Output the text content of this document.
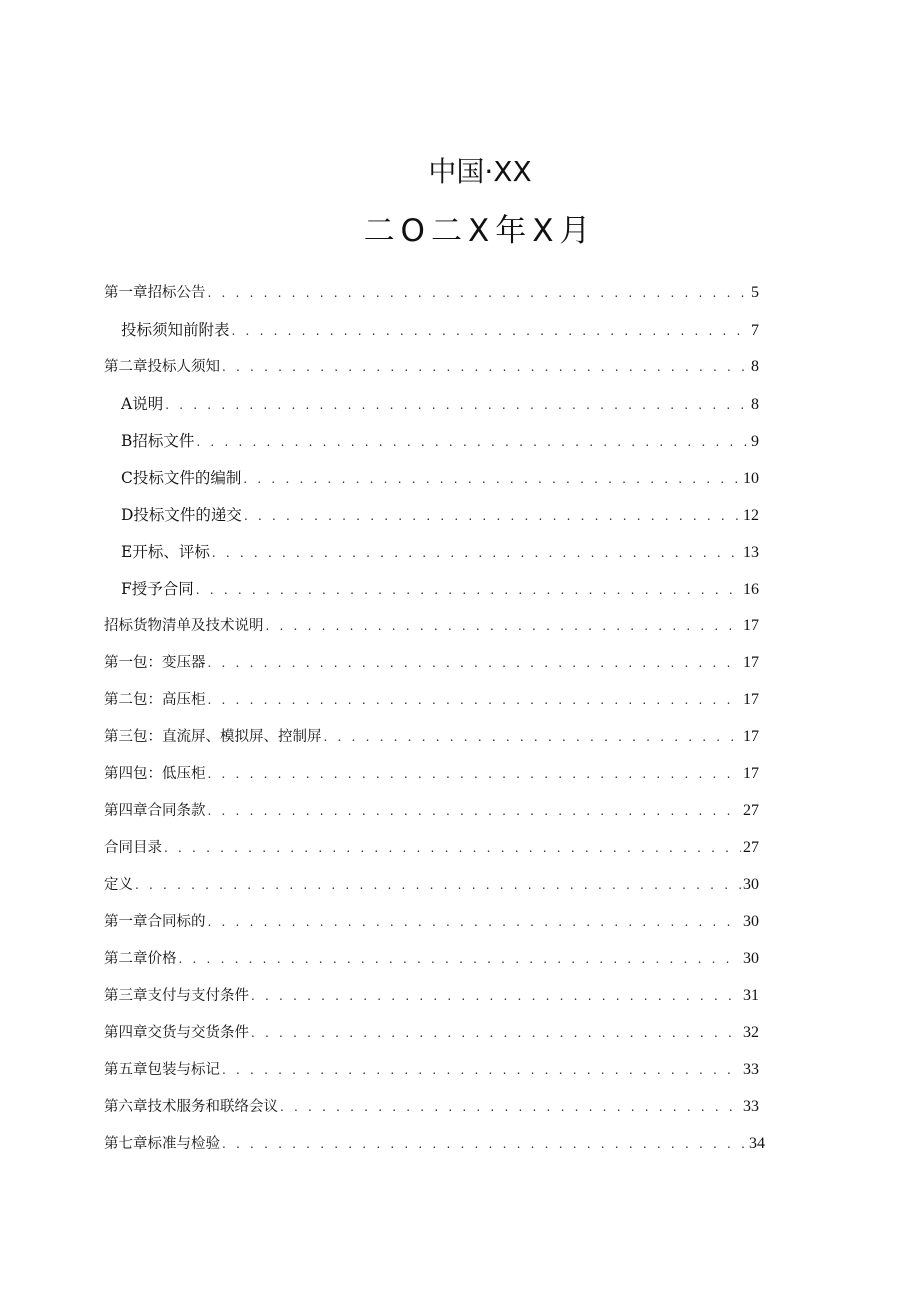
中国·XX
二O二X年X月
第一章招标公告 . . .	5
投标须知前附表 . . .	7
第二章投标人须知 . . .	8
A说明 . . .	8
B招标文件 . . .	9
C投标文件的编制 . . .	10
D投标文件的递交 . . .	12
E开标、评标 . . .	13
F授予合同 . . .	16
招标货物清单及技术说明 . . .	17
第一包：变压器 . . .	17
第二包：高压柜 . . .	17
第三包：直流屏、模拟屏、控制屏 . . .	17
第四包：低压柜 . . .	17
第四章合同条款 . . .	27
合同目录 . . .	27
定义 . . .	30
第一章合同标的 . . .	30
第二章价格 . . .	30
第三章支付与支付条件 . . .	31
第四章交货与交货条件 . . .	32
第五章包装与标记 . . .	33
第六章技术服务和联络会议 . . .	33
第七章标准与检验 . . .	34
